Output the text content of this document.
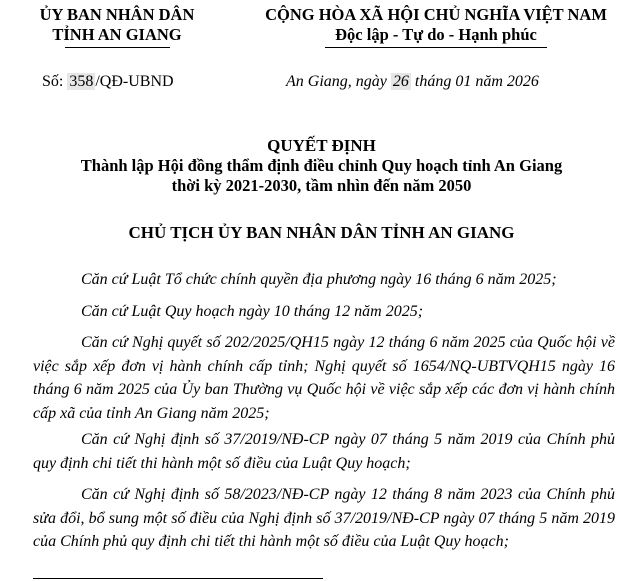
ỦY BAN NHÂN DÂN
TỈNH AN GIANG
CỘNG HÒA XÃ HỘI CHỦ NGHĨA VIỆT NAM
Độc lập - Tự do - Hạnh phúc
Số: 358 /QĐ-UBND	An Giang, ngày 26 tháng 01 năm 2026
QUYẾT ĐỊNH
Thành lập Hội đồng thẩm định điều chỉnh Quy hoạch tỉnh An Giang
thời kỳ 2021-2030, tầm nhìn đến năm 2050
CHỦ TỊCH ỦY BAN NHÂN DÂN TỈNH AN GIANG

Căn cứ Luật Tổ chức chính quyền địa phương ngày 16 tháng 6 năm 2025;

Căn cứ Luật Quy hoạch ngày 10 tháng 12 năm 2025;

Căn cứ Nghị quyết số 202/2025/QH15 ngày 12 tháng 6 năm 2025 của Quốc hội về việc sắp xếp đơn vị hành chính cấp tỉnh; Nghị quyết số 1654/NQ-UBTVQH15 ngày 16 tháng 6 năm 2025 của Ủy ban Thường vụ Quốc hội về việc sắp xếp các đơn vị hành chính cấp xã của tỉnh An Giang năm 2025;

Căn cứ Nghị định số 37/2019/NĐ-CP ngày 07 tháng 5 năm 2019 của Chính phủ quy định chi tiết thi hành một số điều của Luật Quy hoạch;

Căn cứ Nghị định số 58/2023/NĐ-CP ngày 12 tháng 8 năm 2023 của Chính phủ sửa đổi, bổ sung một số điều của Nghị định số 37/2019/NĐ-CP ngày 07 tháng 5 năm 2019 của Chính phủ quy định chi tiết thi hành một số điều của Luật Quy hoạch;
